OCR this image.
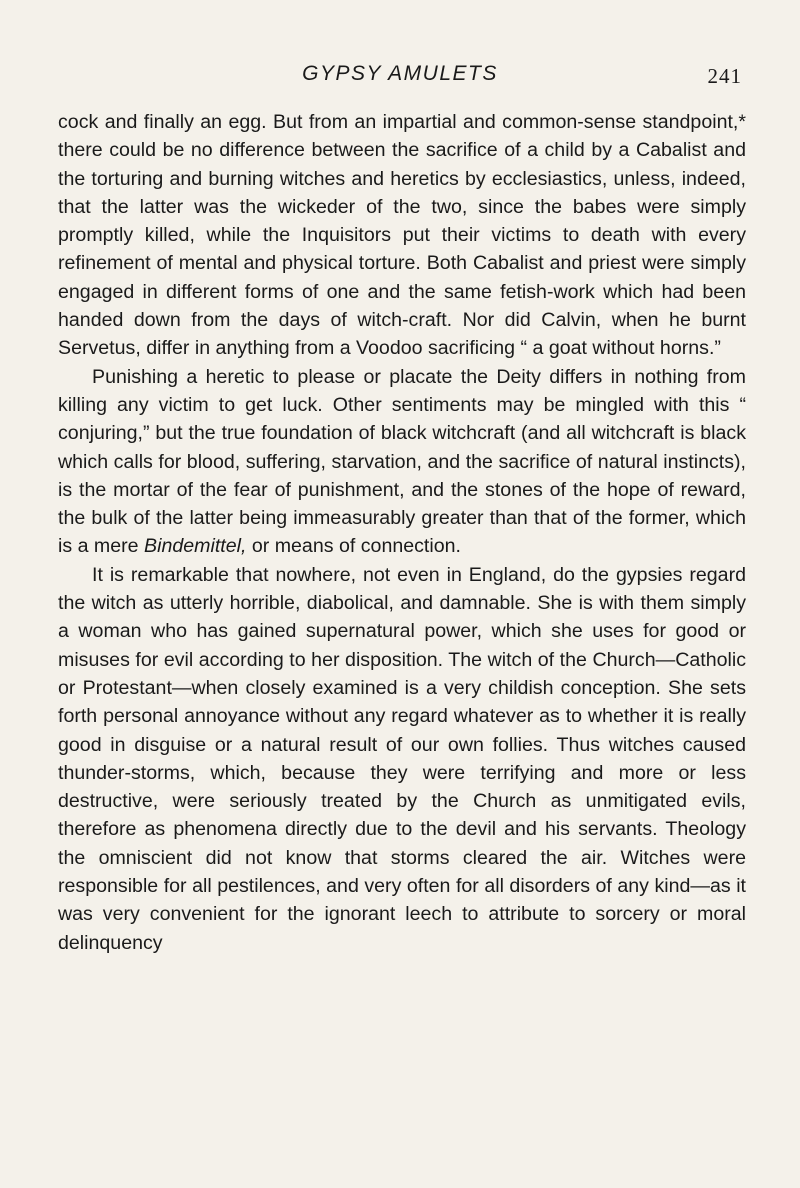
GYPSY AMULETS	241

cock and finally an egg. But from an impartial and common-sense standpoint,* there could be no difference between the sacrifice of a child by a Cabalist and the torturing and burning witches and heretics by ecclesiastics, unless, indeed, that the latter was the wickeder of the two, since the babes were simply promptly killed, while the Inquisitors put their victims to death with every refinement of mental and physical torture. Both Cabalist and priest were simply engaged in different forms of one and the same fetish-work which had been handed down from the days of witch-craft. Nor did Calvin, when he burnt Servetus, differ in anything from a Voodoo sacrificing “ a goat without horns.”

Punishing a heretic to please or placate the Deity differs in nothing from killing any victim to get luck. Other sentiments may be mingled with this “ conjuring,” but the true foundation of black witchcraft (and all witchcraft is black which calls for blood, suffering, starvation, and the sacrifice of natural instincts), is the mortar of the fear of punishment, and the stones of the hope of reward, the bulk of the latter being immeasurably greater than that of the former, which is a mere Bindemittel, or means of connection.

It is remarkable that nowhere, not even in England, do the gypsies regard the witch as utterly horrible, diabolical, and damnable. She is with them simply a woman who has gained supernatural power, which she uses for good or misuses for evil according to her disposition. The witch of the Church—Catholic or Protestant—when closely examined is a very childish conception. She sets forth personal annoyance without any regard whatever as to whether it is really good in disguise or a natural result of our own follies. Thus witches caused thunder-storms, which, because they were terrifying and more or less destructive, were seriously treated by the Church as unmitigated evils, therefore as phenomena directly due to the devil and his servants. Theology the omniscient did not know that storms cleared the air. Witches were responsible for all pestilences, and very often for all disorders of any kind—as it was very convenient for the ignorant leech to attribute to sorcery or moral delinquency
